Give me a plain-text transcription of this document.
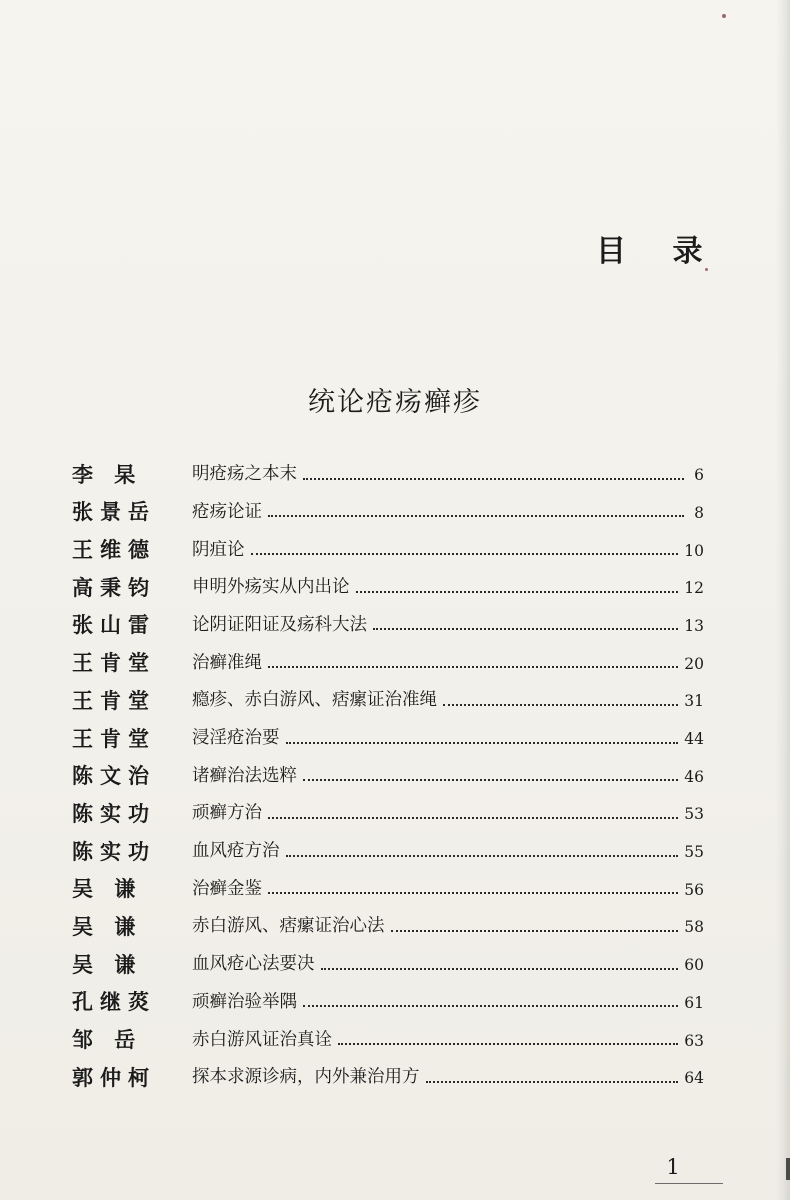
目 录
统论疮疡癣疹
李 杲	明疮疡之本末	6
张景岳	疮疡论证	8
王维德	阴疽论	10
高秉钧	申明外疡实从内出论	12
张山雷	论阴证阳证及疡科大法	13
王肯堂	治癣准绳	20
王肯堂	瘾疹、赤白游风、痞瘰证治准绳	31
王肯堂	浸淫疮治要	44
陈文治	诸癣治法选粹	46
陈实功	顽癣方治	53
陈实功	血风疮方治	55
吴 谦	治癣金鉴	56
吴 谦	赤白游风、痞瘰证治心法	58
吴 谦	血风疮心法要决	60
孔继菼	顽癣治验举隅	61
邹 岳	赤白游风证治真诠	63
郭仲柯	探本求源诊病，内外兼治用方	64
1
